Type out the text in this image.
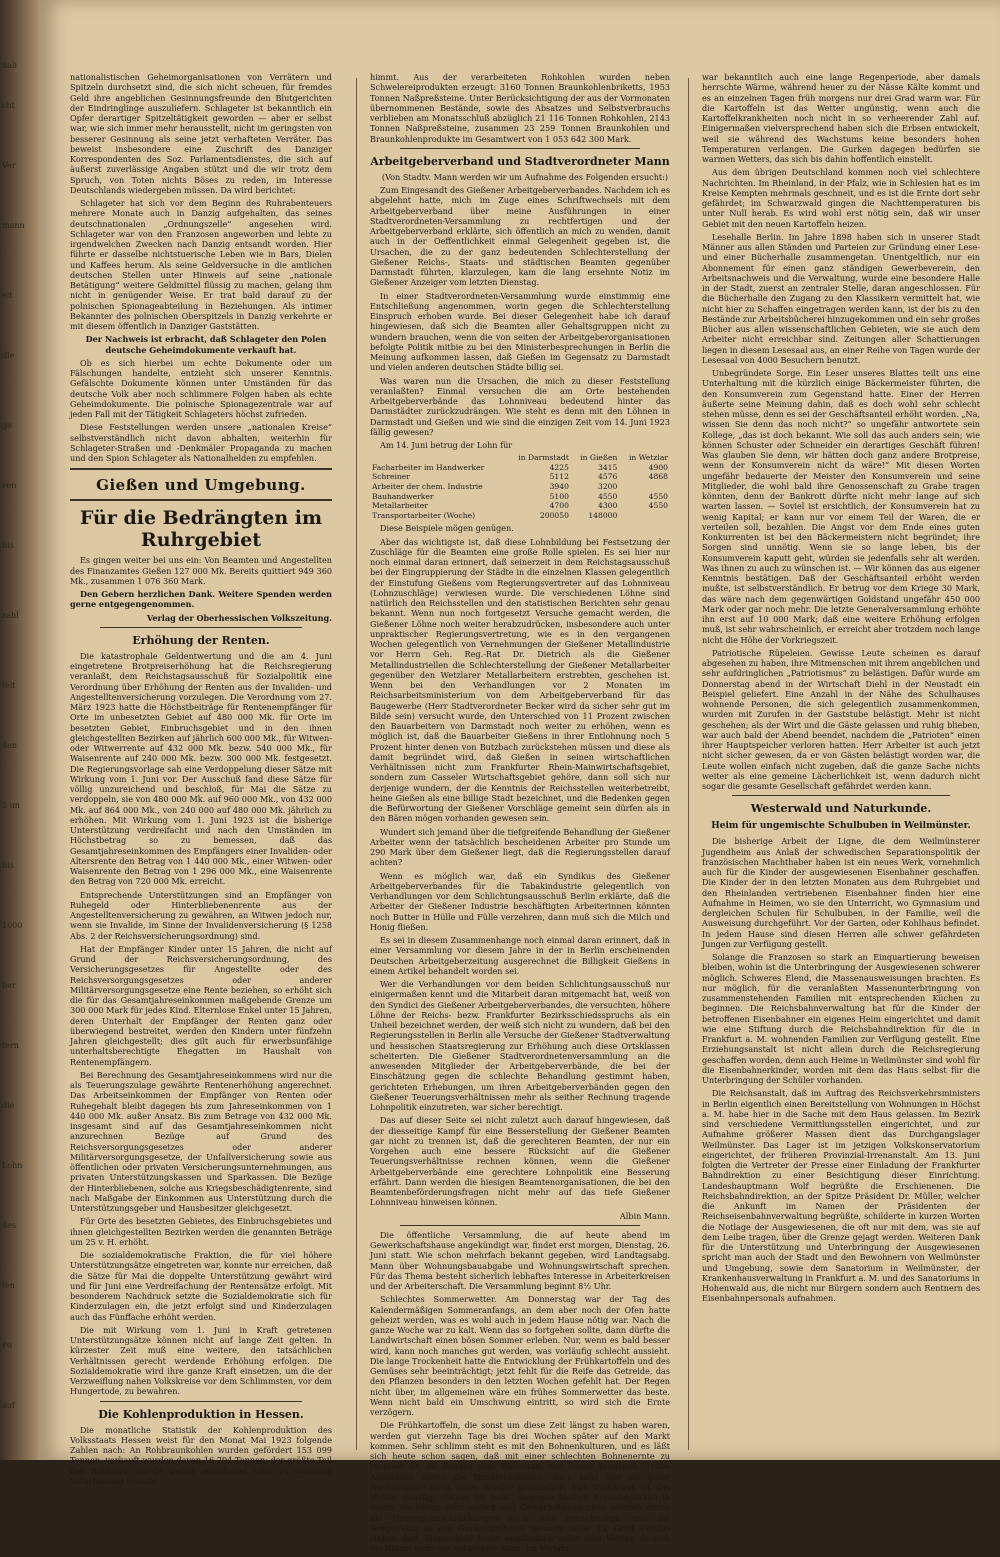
nali
cht
Ver
mann
eit
die
ge
ven
bis
zahl
feit
den
2 un
bis
1000
ber
tern
die
Lohn
des
fen
Po
auf

nationalistischen Geheimorganisationen von Verrätern und Spitzeln durchsetzt sind, die sich nicht scheuen, für fremdes Geld ihre angeblichen Gesinnungsfreunde den Blutgerichten der Eindringlinge auszuliefern. Schlageter ist bekanntlich ein Opfer derartiger Spitzeltätigkeit geworden — aber er selbst war, wie sich immer mehr herausstellt, nicht im geringsten von besserer Gesinnung als seine jetzt verhafteten Verräter. Das beweist insbesondere eine Zuschrift des Danziger Korrespondenten des Soz. Parlamentsdienstes, die sich auf äußerst zuverlässige Angaben stützt und die wir trotz dem Spruch, von Toten nichts Böses zu reden, im Interesse Deutschlands wiedergeben müssen. Da wird berichtet:

Schlageter hat sich vor dem Beginn des Ruhrabenteuers mehrere Monate auch in Danzig aufgehalten, das seines deutschnationalen „Ordnungszelle“ angesehen wird. Schlageter war von den Franzosen angeworben und lebte zu irgendwelchen Zwecken nach Danzig entsandt worden. Hier führte er dasselbe nichtstuerische Leben wie in Bars, Dielen und Kaffees herum. Als seine Geldversuche in die amtlichen deutschen Stellen unter Hinweis auf seine „nationale Betätigung“ weitere Geldmittel flüssig zu machen, gelang ihm nicht in genügender Weise. Er trat bald darauf zu der polnischen Spionageabteilung in Beziehungen. Als intimer Bekannter des polnischen Oberspitzels in Danzig verkehrte er mit diesem öffentlich in Danziger Gaststätten.

Der Nachweis ist erbracht, daß Schlageter den Polen deutsche Geheimdokumente verkauft hat.

Ob es sich hierbei um echte Dokumente oder um Fälschungen handelte, entzieht sich unserer Kenntnis. Gefälschte Dokumente können unter Umständen für das deutsche Volk aber noch schlimmere Folgen haben als echte Geheimdokumente. Die polnische Spionagezentrale war auf jeden Fall mit der Tätigkeit Schlageters höchst zufrieden.

Diese Feststellungen werden unsere „nationalen Kreise“ selbstverständlich nicht davon abhalten, weiterhin für Schlageter-Straßen und -Denkmäler Propaganda zu machen und den Spion Schlageter als Nationalhelden zu empfehlen.

Gießen und Umgebung.
Für die Bedrängten im Ruhrgebiet

Es gingen weiter bei uns ein: Von Beamten und Angestellten des Finanzamtes Gießen 127 000 Mk. Bereits quittiert 949 360 Mk., zusammen 1 076 360 Mark.

Den Gebern herzlichen Dank. Weitere Spenden werden gerne entgegengenommen.

Verlag der Oberhessischen Volkszeitung.

Erhöhung der Renten.

Die katastrophale Geldentwertung und die am 4. Juni eingetretene Brotpreiserhöhung hat die Reichsregierung veranlaßt, dem Reichstagsausschuß für Sozialpolitik eine Verordnung über Erhöhung der Renten aus der Invaliden- und Angestelltenversicherung vorzulegen. Die Verordnung vom 27. März 1923 hatte die Höchstbeiträge für Rentenempfänger für Orte im unbesetzten Gebiet auf 480 000 Mk. für Orte im besetzten Gebiet, Einbruchsgebiet und in den ihnen gleichgestellten Bezirken auf jährlich 600 000 Mk., für Witwen- oder Witwerrente auf 432 000 Mk. bezw. 540 000 Mk., für Waisenrente auf 240 000 Mk. bezw. 300 000 Mk. festgesetzt. Die Regierungsvorlage sah eine Verdoppelung dieser Sätze mit Wirkung vom 1. Juni vor. Der Ausschuß fand diese Sätze für völlig unzureichend und beschloß, für Mai die Sätze zu verdoppeln, sie von 480 000 Mk. auf 960 000 Mk., von 432 000 Mk. auf 864 000 Mk., von 240 000 auf 480 000 Mk. jährlich zu erhöhen. Mit Wirkung vom 1. Juni 1923 ist die bisherige Unterstützung verdreifacht und nach den Umständen im Höchstbetrag so zu bemessen, daß das Gesamtjahreseinkommen des Empfängers einer Invaliden- oder Altersrente den Betrag von 1 440 000 Mk., einer Witwen- oder Waisenrente den Betrag von 1 296 000 Mk., eine Waisenrente den Betrag von 720 000 Mk. erreicht.

Entsprechende Unterstützungen sind an Empfänger von Ruhegeld oder Hinterbliebenenrente aus der Angestelltenversicherung zu gewähren, an Witwen jedoch nur, wenn sie Invalide, im Sinne der Invalidenversicherung (§ 1258 Abs. 2 der Reichsversicherungsordnung) sind.

Hat der Empfänger Kinder unter 15 Jahren, die nicht auf Grund der Reichsversicherungsordnung, des Versicherungsgesetzes für Angestellte oder des Reichsversorgungsgesetzes oder anderer Militärversorgungsgesetze eine Rente beziehen, so erhöht sich die für das Gesamtjahreseinkommen maßgebende Grenze um 300 000 Mark für jedes Kind. Elternlose Enkel unter 15 Jahren, deren Unterhalt der Empfänger der Renten ganz oder überwiegend bestreitet, werden den Kindern unter fünfzehn Jahren gleichgestellt; dies gilt auch für erwerbsunfähige unterhaltsberechtigte Ehegatten im Haushalt von Rentenempfängern.

Bei Berechnung des Gesamtjahreseinkommens wird nur die als Teuerungszulage gewährte Rentenerhöhung angerechnet. Das Arbeitseinkommen der Empfänger von Renten oder Ruhegehalt bleibt dagegen bis zum Jahreseinkommen von 1 440 000 Mk. außer Ansatz. Bis zum Betrage von 432 000 Mk. insgesamt sind auf das Gesamtjahreseinkommen nicht anzurechnen Bezüge auf Grund des Reichsversorgungsgesetzes oder anderer Militärversorgungsgesetze, der Unfallversicherung sowie aus öffentlichen oder privaten Versicherungsunternehmungen, aus privaten Unterstützungskassen und Sparkassen. Die Bezüge der Hinterbliebenen, solche aus Kriegsbeschädigtenrente, sind nach Maßgabe der Einkommen aus Unterstützung durch die Unterstützungsgeber und Hausbesitzer gleichgesetzt.

Für Orte des besetzten Gebietes, des Einbruchsgebietes und ihnen gleichgestellten Bezirken werden die genannten Beträge um 25 v. H. erhöht.

Die sozialdemokratische Fraktion, die für viel höhere Unterstützungsätze eingetreten war, konnte nur erreichen, daß die Sätze für Mai die doppelte Unterstützung gewährt wird und für Juni eine Verdreifachung der Rentensätze erfolgt. Mit besonderem Nachdruck setzte die Sozialdemokratie sich für Kinderzulagen ein, die jetzt erfolgt sind und Kinderzulagen auch das Fünffache erhöht werden.

Die mit Wirkung vom 1. Juni in Kraft getretenen Unterstützungsätze können nicht auf lange Zeit gelten. In kürzester Zeit muß eine weitere, den tatsächlichen Verhältnissen gerecht werdende Erhöhung erfolgen. Die Sozialdemokratie wird ihre ganze Kraft einsetzen, um die der Verzweiflung nahen Volkskreise vor dem Schlimmsten, vor dem Hungertode, zu bewahren.

Die Kohlenproduktion in Hessen.

Die monatliche Statistik der Kohlenproduktion des Volksstaats Hessen weist für den Monat Mai 1923 folgende Zahlen nach: An Rohbraunkohlen wurden gefördert 153 099 Tonnen, verkauft wurden davon 16 794 Tonnen; der größte Teil der Rohkohle wurde weiter verarbeitet oder zu weiteren Verarbeitung benutzt.

himmt. Aus der verarbeiteten Rohkohlen wurden neben Schwelereiprodukten erzeugt: 3160 Tonnen Braunkohlenbriketts, 1953 Tonnen Naßpreßsteine. Unter Berücksichtigung der aus der Vormonaten übernommenen Bestände, sowie des Absatzes und Selbstverbrauchs verblieben am Monatsschluß abzüglich 21 116 Tonnen Rohkohlen, 2143 Tonnen Naßpreßsteine, zusammen 23 259 Tonnen Braunkohlen und Braunkohlenprodukte im Gesamtwert von 1 053 642 300 Mark.

Arbeitgeberverband und Stadtverordneter Mann

(Von Stadtv. Mann werden wir um Aufnahme des Folgenden ersucht:)

Zum Eingesandt des Gießener Arbeitgeberverbandes. Nachdem ich es abgelehnt hatte, mich im Zuge eines Schriftwechsels mit dem Arbeitgeberverband über meine Ausführungen in einer Stadtverordneten-Versammlung zu rechtfertigen und der Arbeitgeberverband erklärte, sich öffentlich an mich zu wenden, damit auch in der Oeffentlichkeit einmal Gelegenheit gegeben ist, die Ursachen, die zu der ganz bedeutenden Schlechterstellung der Gießener Reichs-, Staats- und städtischen Beamten gegenüber Darmstadt führten, klarzulegen, kam die lang ersehnte Notiz im Gießener Anzeiger vom letzten Dienstag.

In einer Stadtverordneten-Versammlung wurde einstimmig eine Entschließung angenommen, worin gegen die Schlechterstellung Einspruch erhoben wurde. Bei dieser Gelegenheit habe ich darauf hingewiesen, daß sich die Beamten aller Gehaltsgruppen nicht zu wundern brauchen, wenn die von seiten der Arbeitgeberorganisationen befolgte Politik mitbie zu bei den Ministerbesprechungen in Berlin die Meinung aufkommen lassen, daß Gießen im Gegensatz zu Darmstadt und vielen anderen deutschen Städte billig sei.

Was waren nun die Ursachen, die mich zu dieser Feststellung veranlaßten? Einmal versuchen die am Orte bestehenden Arbeitgeberverbände das Lohnniveau bedeutend hinter das Darmstädter zurückzudrängen. Wie steht es denn mit den Löhnen in Darmstadt und Gießen und wie sind die einzigen Zeit vom 14. Juni 1923 fällig gewesen?

Am 14. Juni betrug der Lohn für

	in Darmstadt	in Gießen	in Wetzlar
Facharbeiter im Handwerker	4225	3415	4900
Schreiner	5112	4576	4868
Arbeiter der chem. Industrie	3940	3200	
Bauhandwerker	5100	4550	4550
Metallarbeiter	4700	4300	4550
Transportarbeiter (Woche)	200050	148000	

Diese Beispiele mögen genügen.

Aber das wichtigste ist, daß diese Lohnbildung bei Festsetzung der Zuschläge für die Beamten eine große Rolle spielen. Es sei hier nur noch einmal daran erinnert, daß seinerzeit in dem Reichstagsausschuß bei der Eingruppierung der Städte in die einzelnen Klassen gelegentlich der Einstufung Gießens vom Regierungsvertreter auf das Lohnniveau (Lohnzuschläge) verwiesen wurde. Die verschiedenen Löhne sind natürlich den Reichsstellen und den statistischen Berichten sehr genau bekannt. Wenn nun noch fortgesetzt Versuche gemacht werden, die Gießener Löhne noch weiter herabzudrücken, insbesondere auch unter unpraktischer Regierungsvertretung, wie es in den vergangenen Wochen gelegentlich von Vernehmungen der Gießener Metallindustrie vor Herrn Geh. Reg.-Rat Dr. Dietrich als die Gießener Metallindustriellen die Schlechterstellung der Gießener Metallarbeiter gegenüber den Wetzlarer Metallarbeitern erstrebten, geschehen ist. Wenn bei den Verhandlungen vor 2 Monaten im Reichsarbeitsministerium von dem Arbeitgeberverband für das Baugewerbe (Herr Stadtverordneter Becker wird da sicher sehr gut im Bilde sein) versucht wurde, den Unterschied von 11 Prozent zwischen den Bauarbeitern von Darmstadt noch weiter zu erhöhen, wenn es möglich ist, daß die Bauarbeiter Gießens in ihrer Entlohnung noch 5 Prozent hinter denen von Butzbach zurückstehen müssen und diese als damit begründet wird, daß Gießen in seinen wirtschaftlichen Verhältnissen nicht zum Frankfurter Rhein-Mainwirtschaftsgebiet, sondern zum Casseler Wirtschaftsgebiet gehöre, dann soll sich nur derjenige wundern, der die Kenntnis der Reichsstellen weiterbetreibt, heine Gießen als eine billige Stadt bezeichnet, und die Bedenken gegen die Befürwortung der Gießener Vorschläge gemeint sein dürfen als in den Bären mögen vorhanden gewesen sein.

Wundert sich jemand über die tiefgreifende Behandlung der Gießener Arbeiter wenn der tatsächlich bescheidenen Arbeiter pro Stunde um 290 Mark über dem Gießener liegt, daß die Regierungsstellen darauf achten?

Wenn es möglich war, daß ein Syndikus des Gießener Arbeitgeberverbandes für die Tabakindustrie gelegentlich von Verhandlungen vor dem Schlichtungsausschuß Berlin erklärte, daß die Arbeiter der Gießener Industrie beschäftigten Arbeiterinnen könnten noch Butter in Hülle und Fülle verzehren, dann muß sich die Milch und Honig fließen.

Es sei in diesem Zusammenhange noch einmal daran erinnert, daß in einer Versammlung vor diesem Jahre in der in Berlin erscheinenden Deutschen Arbeitgeberzeitung ausgerechnet die Billigkeit Gießens in einem Artikel behandelt worden sei.

Wer die Verhandlungen vor dem beiden Schlichtungsausschuß nur einigermaßen kennt und die Mitarbeit daran mitgemacht hat, weiß von den Syndici des Gießener Arbeitgeberverbandes, die versuchten, höhere Löhne der Reichs- bezw. Frankfurter Bezirksschiedsspruchs als ein Unheil bezeichnet werden, der weiß sich nicht zu wundern, daß bei den Regierungsstellen in Berlin alle Versuche der Gießener Stadtverwaltung und hessischen Staatsregierung zur Erhöhung auch diese Ortsklassen scheiterten. Die Gießener Stadtverordnetenversammlung an die anwesenden Mitglieder der Arbeitgeberverbände, die bei der Einschätzung gegen die schlechte Behandlung gestimmt haben, gerichteten Erhebungen, um ihren Arbeitgeberverbänden gegen den Gießener Teuerungsverhältnissen mehr als seither Rechnung tragende Lohnpolitik einzutreten, war sicher berechtigt.

Das auf dieser Seite sei nicht zuletzt auch darauf hingewiesen, daß der diesseitige Kampf für eine Besserstellung der Gießener Beamten gar nicht zu trennen ist, daß die gerechteren Beamten, der nur ein Vorgehen auch eine bessere Rücksicht auf die Gießener Teuerungsverhältnisse rechnen können, wenn die Gießener Arbeitgeberverbände eine gerechtere Lohnpolitik eine Besserung erfährt. Dann werden die hiesigen Beamtenorganisationen, die bei den Beamtenbeförderungsfragen nicht mehr auf das tiefe Gießener Lohnniveau hinweisen können.

Albin Mann.

Die öffentliche Versammlung, die auf heute abend im Gewerkschaftshause angekündigt war, findet erst morgen, Dienstag, 26. Juni statt. Wie schon mehrfach bekannt gegeben, wird Landtagsabg. Mann über Wohnungsbauabgabe und Wohnungswirtschaft sprechen. Für das Thema besteht sicherlich lebhaftes Interesse in Arbeiterkreisen und der Arbeiterschaft. Die Versammlung beginnt 8½ Uhr.

Schlechtes Sommerwetter. Am Donnerstag war der Tag des Kalendermäßigen Sommeranfangs, an dem aber noch der Ofen hatte geheizt werden, was es wohl auch in jedem Hause nötig war. Nach die ganze Woche war zu kalt. Wenn das so fortgehen sollte, dann dürfte die Landwirtschaft einen bösen Sommer erleben. Nur, wenn es bald besser wird, kann noch manches gut werden, was vorläufig schlecht aussieht. Die lange Trockenheit hatte die Entwicklung der Frühkartoffeln und des Gemüses sehr beeinträchtigt; jetzt fehlt für die Reife das Getreide, das den Pflanzen besonders in den letzten Wochen gefehlt hat. Der Regen nicht über, im allgemeinen wäre ein frühes Sommerwetter das beste. Wenn nicht bald ein Umschwung eintritt, so wird sich die Ernte verzögern.

Die Frühkartoffeln, die sonst um diese Zeit längst zu haben waren, werden gut vierzehn Tage bis drei Wochen später auf den Markt kommen. Sehr schlimm steht es mit den Bohnenkulturen, und es läßt sich heute schon sagen, daß mit einer schlechten Bohnenernte zu rechnen ist, da Bohnen zum Wachstum viel Sonne brauchen. Trübe Aussichten bieten die Tomatenkulturen, doch kann hier ein guter Nachsommer noch vieles wieder gutmachen. Für Weißkraut ist das Wetter günstig, ebenso für Salat, dagegen bleiben Freilandgurken in ihrem Wachstum sehr zurück und Gewächshausgurken würden durch die Heizungsbeschränkungen noch sehr benachteiligt, weil die Temperatur in der Gurkentreiberei niemals unter 12 Grad Celsius sinken darf. Blumenkohl leidet empfindlich unter dem Wetter, da sich die Blume nicht gut entwickeln kann. Im Vorjahr

war bekanntlich auch eine lange Regenperiode, aber damals herrschte Wärme, während heuer zu der Nässe Kälte kommt und es an einzelnen Tagen früh morgens nur drei Grad warm war. Für die Kartoffeln ist das Wetter ungünstig, wenn auch die Kartoffelkrankheiten noch nicht in so verheerender Zahl auf. Einigermaßen vielversprechend haben sich die Erbsen entwickelt, weil sie während des Wachstums keine besonders hohen Temperaturen verlangen. Die Gurken dagegen bedürfen sie warmen Wetters, das sich bis dahin hoffentlich einstellt.

Aus dem übrigen Deutschland kommen noch viel schlechtere Nachrichten. Im Rheinland, in der Pfalz, wie in Schlesien hat es im Kreise Kempten mehrmals geschneit, und es ist die Ernte dort sehr gefährdet; im Schwarzwald gingen die Nachttemperaturen bis unter Null herab. Es wird wohl erst nötig sein, daß wir unser Gebiet mit den neuen Kartoffeln heizen.

Lesehalle Berlin. Im Jahre 1898 haben sich in unserer Stadt Männer aus allen Ständen und Parteien zur Gründung einer Lese- und einer Bücherhalle zusammengetan. Unentgeltlich, nur ein Abonnement für einen ganz ständigen Gewerbeverein, den Arbeitsnachweis und die Verwaltung, wurde eine besondere Halle in der Stadt, zuerst an zentraler Stelle, daran angeschlossen. Für die Bücherhalle den Zugang zu den Klassikern vermittelt hat, wie nicht hier zu Schaffen eingetragen werden kann, ist der bis zu den Bestände zur Arbeitsbücherei hinzugekommen und ein sehr großes Bücher aus allen wissenschaftlichen Gebieten, wie sie auch dem Arbeiter nicht erreichbar sind. Zeitungen aller Schattierungen liegen in diesem Lesesaal aus, an einer Reihe von Tagen wurde der Lesesaal von 4000 Besuchern benutzt.

Unbegründete Sorge. Ein Leser unseres Blattes teilt uns eine Unterhaltung mit die kürzlich einige Bäckermeister führten, die den Konsumverein zum Gegenstand hatte. Einer der Herren äußerte seine Meinung dahin, daß es doch wohl sehr schlecht stehen müsse, denn es sei der Geschäftsanteil erhöht worden. „Na, wissen Sie denn das noch nicht?“ so ungefähr antwortete sein Kollege, „das ist doch bekannt. Wie soll das auch anders sein; wie können Schuster oder Schneider ein derartiges Geschäft führen! Was glauben Sie denn, wir hätten doch ganz andere Brotpreise, wenn der Konsumverein nicht da wäre!“ Mit diesen Worten ungefähr bedauerte der Meister den Konsumverein und seine Mitglieder, die wohl bald ihre Genossenschaft zu Grabe tragen könnten, denn der Bankrott dürfte nicht mehr lange auf sich warten lassen. — Soviel ist ersichtlich, der Konsumverein hat zu wenig Kapital; er kann nur vor einem Teil der Waren, die er verteilen soll, bezahlen. Die Angst vor dem Ende eines guten Konkurrenten ist bei den Bäckermeistern nicht begründet; ihre Sorgen sind unnötig. Wenn sie so lange leben, bis der Konsumverein kaputt geht, würden sie jedenfalls sehr alt werden. Was ihnen zu auch zu wünschen ist. — Wir können das aus eigener Kenntnis bestätigen. Daß der Geschäftsanteil erhöht werden mußte, ist selbstverständlich. Er betrug vor dem Kriege 30 Mark, das wäre nach dem gegenwärtigen Goldstand ungefähr 450 000 Mark oder gar noch mehr. Die letzte Generalversammlung erhöhte ihn erst auf 10 000 Mark; daß eine weitere Erhöhung erfolgen muß, ist sehr wahrscheinlich, er erreicht aber trotzdem noch lange nicht die Höhe der Vorkriegszeit.

Patriotische Rüpeleien. Gewisse Leute scheinen es darauf abgesehen zu haben, ihre Mitmenschen mit ihrem angeblichen und sehr aufdringlichen „Patriotismus“ zu belästigen. Dafür wurde am Donnerstag abend in der Wirtschaft Diehl in der Neustadt ein Beispiel geliefert. Eine Anzahl in der Nähe des Schulhauses wohnende Personen, die sich gelegentlich zusammenkommen, wurden mit Zurufen in der Gaststube belästigt. Mehr ist nicht geschehen; als der Wirt und die Gäste gelassen und ruhig blieben, war auch bald der Abend beendet, nachdem die „Patrioten“ einen ihrer Hauptspeicher verloren hatten. Herr Arbeiter ist auch jetzt nicht sicher gewesen, da er von Gästen belästigt worden war, die Leute wollen einfach nicht zugeben, daß die ganze Sache nichts weiter als eine gemeine Lächerlichkeit ist, wenn dadurch nicht sogar die gesamte Gesellschaft gefährdet werden kann.

Westerwald und Naturkunde.
Heim für ungemischte Schulbuben in Weilmünster.

Die bisherige Arbeit der Ligne, die dem Weilmünsterer Jugendheim aus Anlaß der schwedischen Separationspolitik der französischen Machthaber haben ist ein neues Werk, vornehmlich auch für die Kinder der ausgewiesenen Eisenbahner geschaffen. Die Kinder der in den letzten Monaten aus dem Ruhrgebiet und den Rheinlanden vertriebenen Eisenbahner finden hier eine Aufnahme in Heimen, wo sie den Unterricht, wo Gymnasium und dergleichen Schulen für Schulbuben, in der Familie, weil die Ausweisung durchgeführt. Vor der Garten, oder Kohlhaus befindet. In jedem Hause sind diesen Herren alle schwer gefährdeten Jungen zur Verfügung gestellt.

Solange die Franzosen so stark an Einquartierung beweisen bleiben, wohin ist die Unterbringung der Ausgewiesenen schwerer möglich. Schweres Elend, die Massenausweisungen brachten. Es nur möglich, für die veranlaßten Massenunterbringung von zusammenstehenden Familien mit entsprechenden Küchen zu beginnen. Die Reichsbahnverwaltung hat für die Kinder der betroffenen Eisenbahner ein eigenes Heim eingerichtet und damit wie eine Stiftung durch die Reichsbahndirektion für die in Frankfurt a. M. wohnenden Familien zur Verfügung gestellt. Eine Erziehungsanstalt ist nicht allein durch die Reichsregierung geschaffen worden, denn auch Heime in Weilmünster sind wohl für die Eisenbahnerkinder, worden mit dem das Haus selbst für die Unterbringung der Schüler vorhanden.

Die Reichsanstalt, daß im Auftrag des Reichsverkehrsministers in Berlin eigentlich einen Bereitstellung von Wohnungen in Höchst a. M. habe hier in die Sache mit dem Haus gelassen. Im Bezirk sind verschiedene Vermittlungsstellen eingerichtet, und zur Aufnahme größerer Massen dient das Durchgangslager Weilmünster. Das Lager ist im jetzigen Volkskonservatorium eingerichtet, der früheren Provinzial-Irrenanstalt. Am 13. Juni folgten die Vertreter der Presse einer Einladung der Frankfurter Bahndirektion zu einer Besichtigung dieser Einrichtung. Landeshauptmann Wolf begrüßte die Erschienenen. Die Reichsbahndirektion, an der Spitze Präsident Dr. Müller, welcher die Ankunft im Namen der Präsidenten der Reichseisenbahnverwaltung begrüßte, schilderte in kurzen Worten die Notlage der Ausgewiesenen, die oft nur mit dem, was sie auf dem Leibe tragen, über die Grenze gejagt werden. Weiteren Dank für die Unterstützung und Unterbringung der Ausgewiesenen spricht man auch der Stadt und den Bewohnern von Weilmünster und Umgebung, sowie dem Sanatorium in Weilmünster, der Krankenhausverwaltung in Frankfurt a. M. und des Sanatoriums in Hohenwald aus, die nicht nur Bürgern sondern auch Rentnern des Eisenbahnpersonals aufnahmen.
